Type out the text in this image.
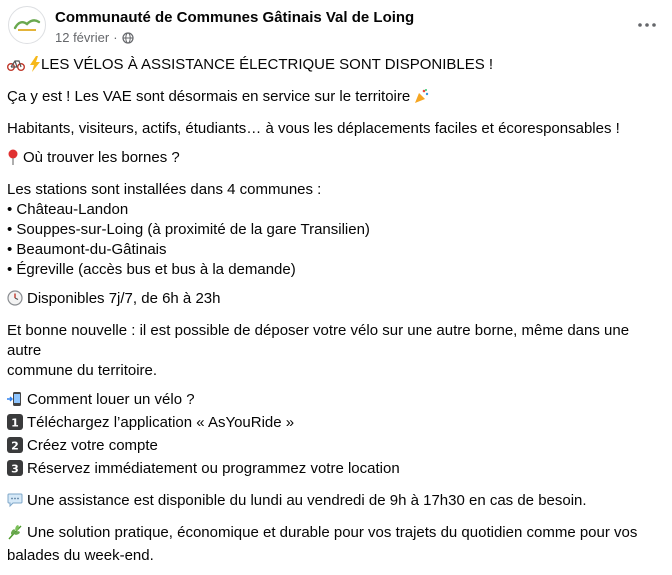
Communauté de Communes Gâtinais Val de Loing
12 février ·

LES VÉLOS À ASSISTANCE ÉLECTRIQUE SONT DISPONIBLES !

Ça y est ! Les VAE sont désormais en service sur le territoire

Habitants, visiteurs, actifs, étudiants… à vous les déplacements faciles et écoresponsables !

Où trouver les bornes ?

Les stations sont installées dans 4 communes :
• Château-Landon
• Souppes-sur-Loing (à proximité de la gare Transilien)
• Beaumont-du-Gâtinais
• Égreville (accès bus et bus à la demande)

Disponibles 7j/7, de 6h à 23h

Et bonne nouvelle : il est possible de déposer votre vélo sur une autre borne, même dans une autre
commune du territoire.

Comment louer un vélo ?
1 Téléchargez l’application « AsYouRide »
2 Créez votre compte
3 Réservez immédiatement ou programmez votre location

Une assistance est disponible du lundi au vendredi de 9h à 17h30 en cas de besoin.

Une solution pratique, économique et durable pour vos trajets du quotidien comme pour vos
balades du week-end.
